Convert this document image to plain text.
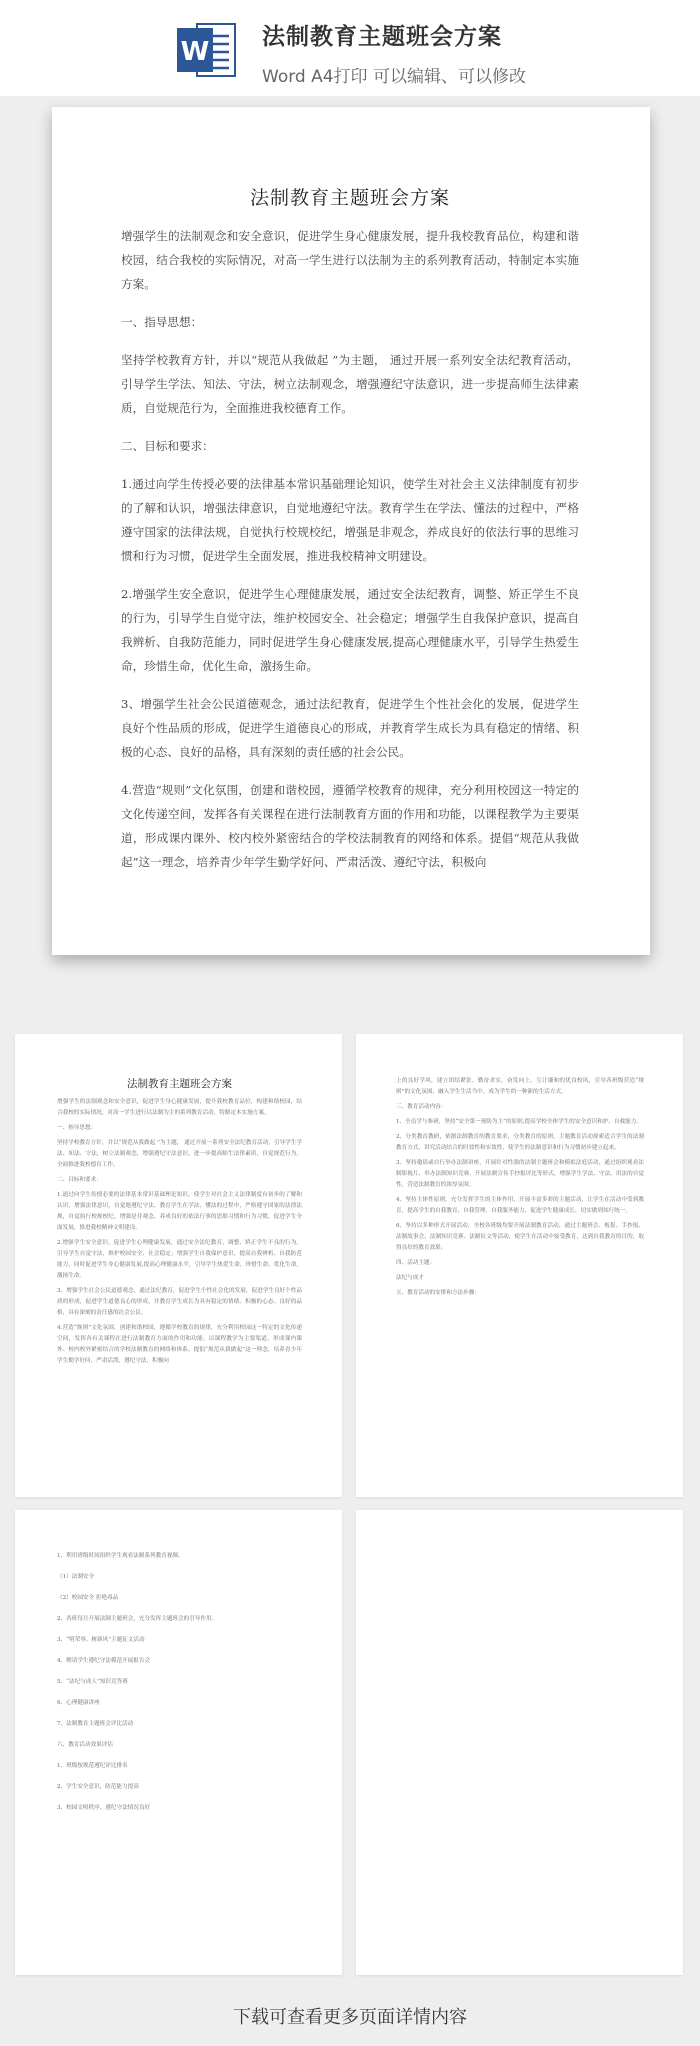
W 法制教育主题班会方案
Word A4打印 可以编辑、可以修改
法制教育主题班会方案

增强学生的法制观念和安全意识，促进学生身心健康发展，提升我校教育品位，构建和谐校园，结合我校的实际情况，对高一学生进行以法制为主的系列教育活动，特制定本实施方案。

一、指导思想：

坚持学校教育方针，并以“规范从我做起 ”为主题， 通过开展一系列安全法纪教育活动，引导学生学法、知法、守法，树立法制观念，增强遵纪守法意识，进一步提高师生法律素质，自觉规范行为，全面推进我校德育工作。

二、目标和要求：

1.通过向学生传授必要的法律基本常识基础理论知识，使学生对社会主义法律制度有初步的了解和认识，增强法律意识，自觉地遵纪守法。教育学生在学法、懂法的过程中，严格遵守国家的法律法规，自觉执行校规校纪，增强是非观念，养成良好的依法行事的思维习惯和行为习惯，促进学生全面发展，推进我校精神文明建设。

2.增强学生安全意识，促进学生心理健康发展，通过安全法纪教育，调整、矫正学生不良的行为，引导学生自觉守法，维护校园安全、社会稳定；增强学生自我保护意识，提高自我辨析、自我防范能力，同时促进学生身心健康发展,提高心理健康水平，引导学生热爱生命，珍惜生命，优化生命，激扬生命。

3、增强学生社会公民道德观念，通过法纪教育，促进学生个性社会化的发展，促进学生良好个性品质的形成，促进学生道德良心的形成，并教育学生成长为具有稳定的情绪、积极的心态、良好的品格，具有深刻的责任感的社会公民。

4.营造“规则”文化氛围，创建和谐校园，遵循学校教育的规律，充分利用校园这一特定的文化传递空间，发挥各有关课程在进行法制教育方面的作用和功能，以课程教学为主要渠道，形成课内课外、校内校外紧密结合的学校法制教育的网络和体系。提倡“规范从我做起”这一理念，培养青少年学生勤学好问、严肃活泼、遵纪守法，积极向

法制教育主题班会方案

增强学生的法制观念和安全意识，促进学生身心健康发展，提升我校教育品位，构建和谐校园，结合我校的实际情况，对高一学生进行以法制为主的系列教育活动，特制定本实施方案。

一、指导思想：

坚持学校教育方针，并以“规范从我做起 ”为主题， 通过开展一系列安全法纪教育活动，引导学生学法、知法、守法，树立法制观念，增强遵纪守法意识，进一步提高师生法律素质，自觉规范行为，全面推进我校德育工作。

二、目标和要求：

1.通过向学生传授必要的法律基本常识基础理论知识，使学生对社会主义法律制度有初步的了解和认识，增强法律意识，自觉地遵纪守法。教育学生在学法、懂法的过程中，严格遵守国家的法律法规，自觉执行校规校纪，增强是非观念，养成良好的依法行事的思维习惯和行为习惯，促进学生全面发展，推进我校精神文明建设。

2.增强学生安全意识，促进学生心理健康发展，通过安全法纪教育，调整、矫正学生不良的行为，引导学生自觉守法，维护校园安全、社会稳定；增强学生自我保护意识，提高自我辨析、自我防范能力，同时促进学生身心健康发展,提高心理健康水平，引导学生热爱生命，珍惜生命，优化生命，激扬生命。

3、增强学生社会公民道德观念，通过法纪教育，促进学生个性社会化的发展，促进学生良好个性品质的形成，促进学生道德良心的形成，并教育学生成长为具有稳定的情绪、积极的心态、良好的品格，具有深刻的责任感的社会公民。

4.营造“规则”文化氛围，创建和谐校园，遵循学校教育的规律，充分利用校园这一特定的文化传递空间，发挥各有关课程在进行法制教育方面的作用和功能，以课程教学为主要渠道，形成课内课外、校内校外紧密结合的学校法制教育的网络和体系。提倡“规范从我做起”这一理念，培养青少年学生勤学好问、严肃活泼、遵纪守法，积极向

上的良好学风，建立团结紧张、勤奋求实、奋发向上、互让谦和的优良校风，引导各班级营造“规则”的文化氛围，融入学生生活当中，成为学生的一种新的生活方式。

三、教育活动内容：

1、全员学与参研，坚持“安全第一预防为主”的原则,提高学校全体学生的安全意识和护、自救能力。

2、分类教育教研，依据法制教育的教育要求，分类教育的原则，主题教育活动探索适合学生的法制教育方式，讲究活动结合的时效性和实效性，使学生的法制意识和行为习惯初步建立起来。

3、坚持邀请或自行举办法制讲座，开展针对性强的法制主题班会和模拟法庭活动，通过组织观看法制影视片、举办法制知识竞赛、开展法制宣传手抄报评比等形式，增强学生学法、守法、用法的自觉性，营造法制教育的浓厚氛围。

4、坚持主体性原则，充分发挥学生的主体作用，开展丰富多彩的主题活动，让学生在活动中受到教育，提高学生的自我教育、自我管理、自我服务能力，促进学生健康成长，切实做到知行统一。

6、坚持以多种形式开展活动，全校各班级均要开展法制教育活动，通过主题班会、板报、手抄报、法制故事会、法制知识竞赛、法制征文等活动，使学生在活动中接受教育，达到自我教育的目的，取得良好的教育效果。

四、活动主题：

法纪与成才

五、教育活动的安排和方法步骤：

1、利用班级时间组织学生观看法制系列教育视频。
（1）法制安全
（2）校园安全 拒绝毒品
2、各班每月开展法制主题班会，充分发挥主题班会的引导作用。
3、“明荣辱、树新风”主题征文活动
4、聘请学生遵纪守法模范开展报告会
5、“法纪与成人”知识竞答赛
6、心理健康讲座
7、法制教育主题班会评比活动
六、教育活动效果评估
1、班级按规范遵纪评比排名
2、学生安全意识，防范能力提高
3、校园文明秩序、遵纪守法情况良好
下载可查看更多页面详情内容
